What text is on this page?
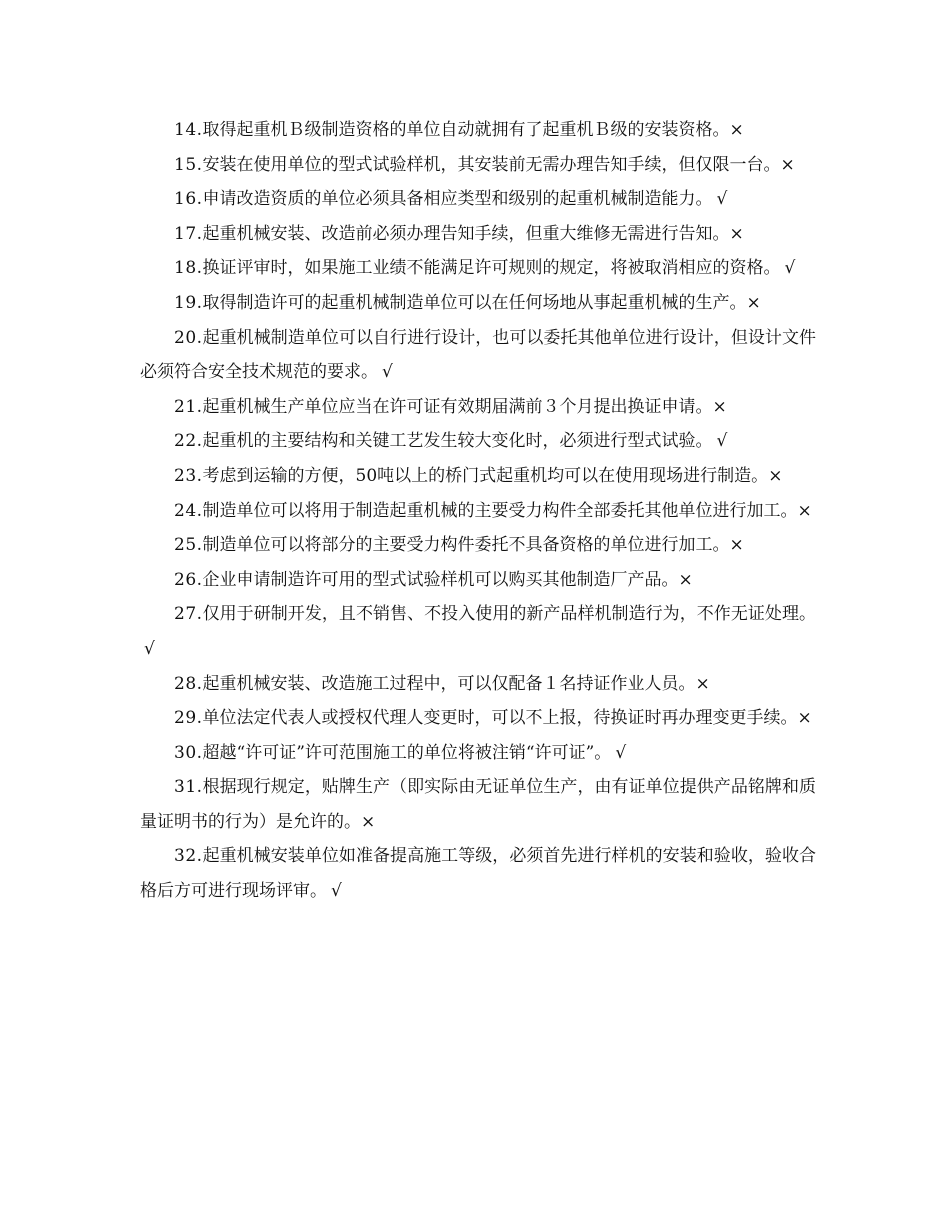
14.取得起重机Ｂ级制造资格的单位自动就拥有了起重机Ｂ级的安装资格。×

15.安装在使用单位的型式试验样机，其安装前无需办理告知手续，但仅限一台。×

16.申请改造资质的单位必须具备相应类型和级别的起重机械制造能力。 √

17.起重机械安装、改造前必须办理告知手续，但重大维修无需进行告知。×

18.换证评审时，如果施工业绩不能满足许可规则的规定，将被取消相应的资格。 √

19.取得制造许可的起重机械制造单位可以在任何场地从事起重机械的生产。×

20.起重机械制造单位可以自行进行设计，也可以委托其他单位进行设计，但设计文件必须符合安全技术规范的要求。 √

21.起重机械生产单位应当在许可证有效期届满前３个月提出换证申请。×

22.起重机的主要结构和关键工艺发生较大变化时，必须进行型式试验。 √

23.考虑到运输的方便，50吨以上的桥门式起重机均可以在使用现场进行制造。×

24.制造单位可以将用于制造起重机械的主要受力构件全部委托其他单位进行加工。×

25.制造单位可以将部分的主要受力构件委托不具备资格的单位进行加工。×

26.企业申请制造许可用的型式试验样机可以购买其他制造厂产品。×

27.仅用于研制开发，且不销售、不投入使用的新产品样机制造行为，不作无证处理。√

28.起重机械安装、改造施工过程中，可以仅配备１名持证作业人员。×

29.单位法定代表人或授权代理人变更时，可以不上报，待换证时再办理变更手续。×

30.超越“许可证”许可范围施工的单位将被注销“许可证”。 √

31.根据现行规定，贴牌生产（即实际由无证单位生产，由有证单位提供产品铭牌和质量证明书的行为）是允许的。×

32.起重机械安装单位如准备提高施工等级，必须首先进行样机的安装和验收，验收合格后方可进行现场评审。 √
